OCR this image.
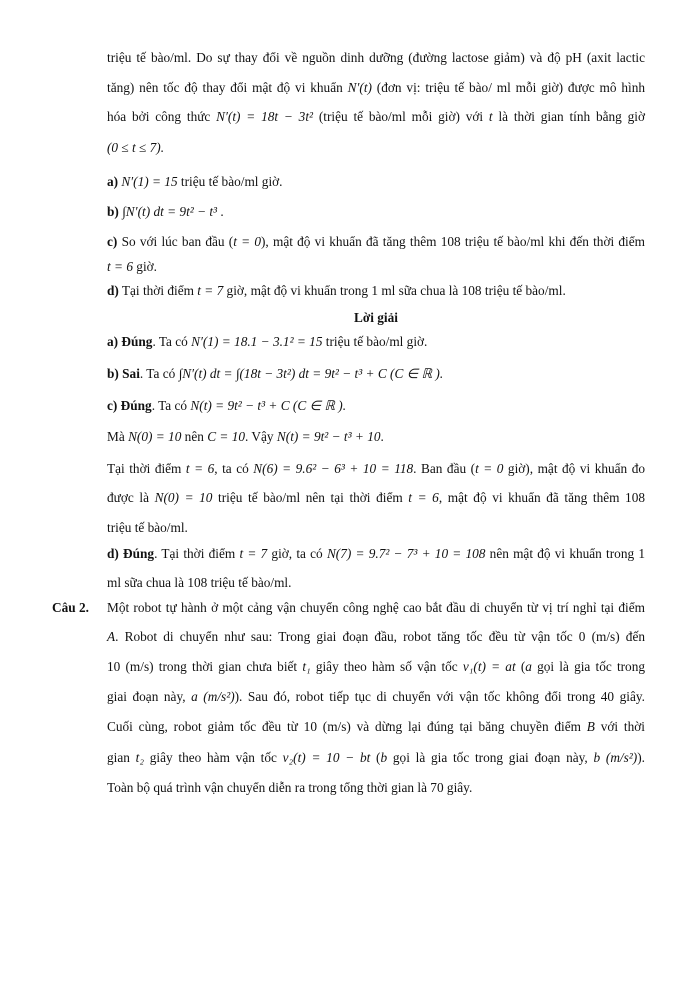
triệu tế bào/ml. Do sự thay đổi về nguồn dinh dưỡng (đường lactose giảm) và độ pH (axit lactic
tăng) nên tốc độ thay đổi mật độ vi khuẩn N′(t) (đơn vị: triệu tế bào/ ml mỗi giờ) được mô hình
hóa bởi công thức N′(t) = 18t − 3t² (triệu tế bào/ml mỗi giờ) với t là thời gian tính bằng giờ
(0 ≤ t ≤ 7).
a) N′(1) = 15 triệu tế bào/ml giờ.
b) ∫N′(t) dt = 9t² − t³ .
c) So với lúc ban đầu (t = 0), mật độ vi khuẩn đã tăng thêm 108 triệu tế bào/ml khi đến thời điểm
t = 6 giờ.
d) Tại thời điểm t = 7 giờ, mật độ vi khuẩn trong 1 ml sữa chua là 108 triệu tế bào/ml.
Lời giải
a) Đúng. Ta có N′(1) = 18.1 − 3.1² = 15 triệu tế bào/ml giờ.
b) Sai. Ta có ∫N′(t) dt = ∫(18t − 3t²) dt = 9t² − t³ + C (C ∈ ℝ ).
c) Đúng. Ta có N(t) = 9t² − t³ + C (C ∈ ℝ ).
Mà N(0) = 10 nên C = 10. Vậy N(t) = 9t² − t³ + 10.
Tại thời điểm t = 6, ta có N(6) = 9.6² − 6³ + 10 = 118. Ban đầu (t = 0 giờ), mật độ vi khuẩn đo
được là N(0) = 10 triệu tế bào/ml nên tại thời điểm t = 6, mật độ vi khuẩn đã tăng thêm 108
triệu tế bào/ml.
d) Đúng. Tại thời điểm t = 7 giờ, ta có N(7) = 9.7² − 7³ + 10 = 108 nên mật độ vi khuẩn trong 1
ml sữa chua là 108 triệu tế bào/ml.
Câu 2. Một robot tự hành ở một cảng vận chuyển công nghệ cao bắt đầu di chuyển từ vị trí nghỉ tại điểm
A. Robot di chuyển như sau: Trong giai đoạn đầu, robot tăng tốc đều từ vận tốc 0 (m/s) đến
10 (m/s) trong thời gian chưa biết t₁ giây theo hàm số vận tốc v₁(t) = at (a gọi là gia tốc trong
giai đoạn này, a (m/s²)). Sau đó, robot tiếp tục di chuyển với vận tốc không đổi trong 40 giây.
Cuối cùng, robot giảm tốc đều từ 10 (m/s) và dừng lại đúng tại băng chuyền điểm B với thời
gian t₂ giây theo hàm vận tốc v₂(t) = 10 − bt (b gọi là gia tốc trong giai đoạn này, b (m/s²)).
Toàn bộ quá trình vận chuyển diễn ra trong tổng thời gian là 70 giây.
